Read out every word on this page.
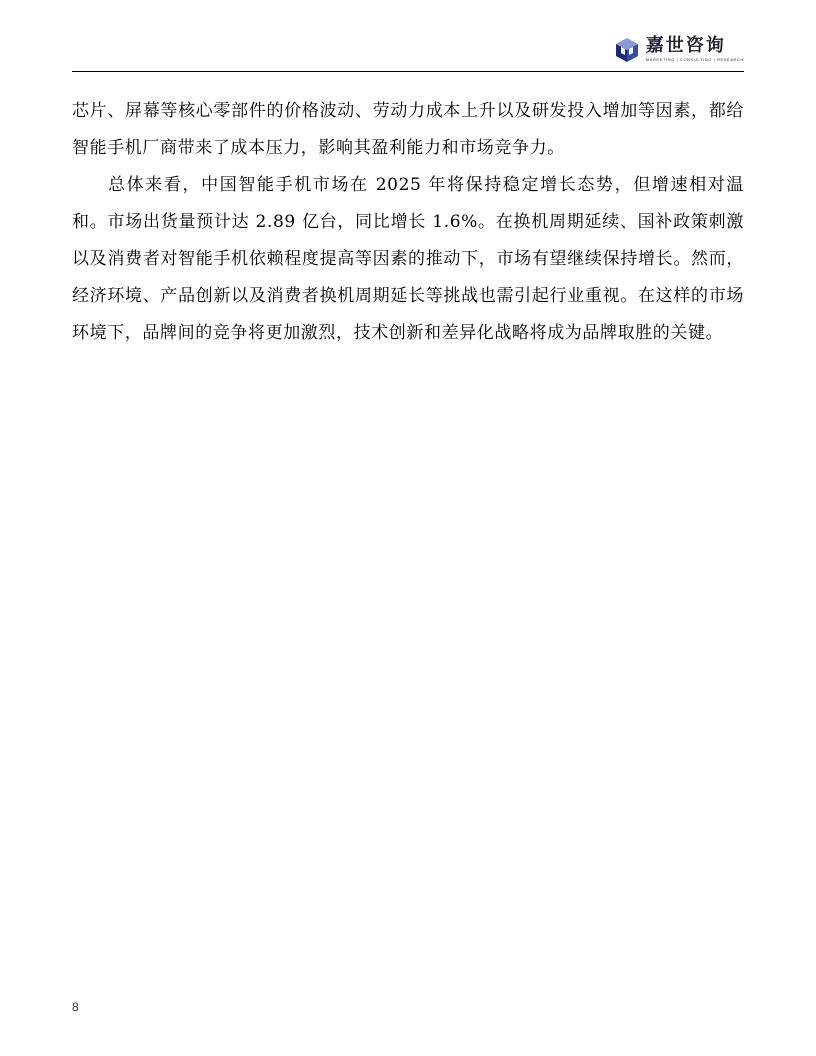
嘉世咨询
MARKETING | CONSULTING | RESEARCH

芯片、屏幕等核心零部件的价格波动、劳动力成本上升以及研发投入增加等因素，都给智能手机厂商带来了成本压力，影响其盈利能力和市场竞争力。

总体来看，中国智能手机市场在 2025 年将保持稳定增长态势，但增速相对温和。市场出货量预计达 2.89 亿台，同比增长 1.6%。在换机周期延续、国补政策刺激以及消费者对智能手机依赖程度提高等因素的推动下，市场有望继续保持增长。然而，经济环境、产品创新以及消费者换机周期延长等挑战也需引起行业重视。在这样的市场环境下，品牌间的竞争将更加激烈，技术创新和差异化战略将成为品牌取胜的关键。

8
